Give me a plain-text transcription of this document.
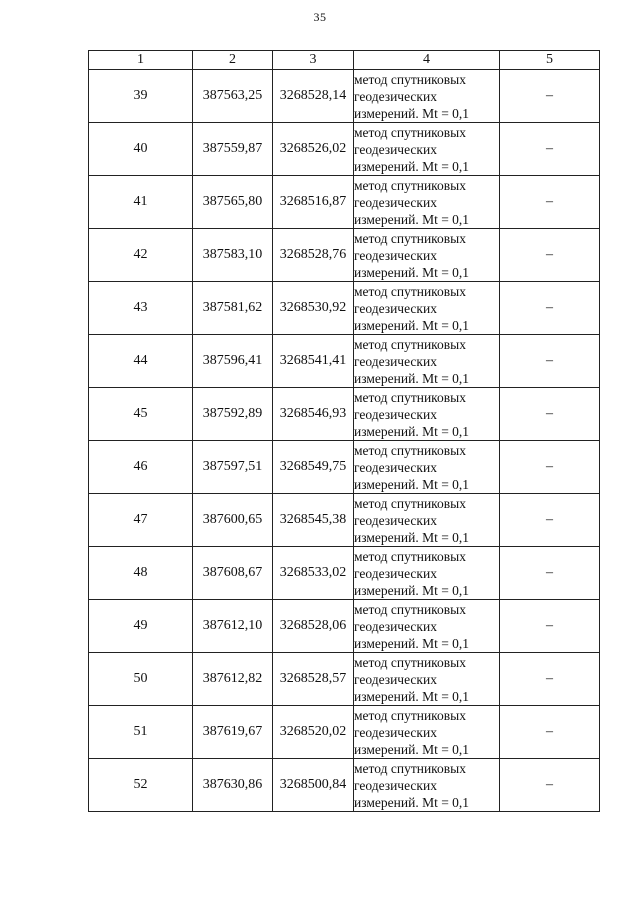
35
1	2	3	4	5
39	387563,25	3268528,14	метод спутниковых
геодезических
измерений. Mt = 0,1	–
40	387559,87	3268526,02	метод спутниковых
геодезических
измерений. Mt = 0,1	–
41	387565,80	3268516,87	метод спутниковых
геодезических
измерений. Mt = 0,1	–
42	387583,10	3268528,76	метод спутниковых
геодезических
измерений. Mt = 0,1	–
43	387581,62	3268530,92	метод спутниковых
геодезических
измерений. Mt = 0,1	–
44	387596,41	3268541,41	метод спутниковых
геодезических
измерений. Mt = 0,1	–
45	387592,89	3268546,93	метод спутниковых
геодезических
измерений. Mt = 0,1	–
46	387597,51	3268549,75	метод спутниковых
геодезических
измерений. Mt = 0,1	–
47	387600,65	3268545,38	метод спутниковых
геодезических
измерений. Mt = 0,1	–
48	387608,67	3268533,02	метод спутниковых
геодезических
измерений. Mt = 0,1	–
49	387612,10	3268528,06	метод спутниковых
геодезических
измерений. Mt = 0,1	–
50	387612,82	3268528,57	метод спутниковых
геодезических
измерений. Mt = 0,1	–
51	387619,67	3268520,02	метод спутниковых
геодезических
измерений. Mt = 0,1	–
52	387630,86	3268500,84	метод спутниковых
геодезических
измерений. Mt = 0,1	–
